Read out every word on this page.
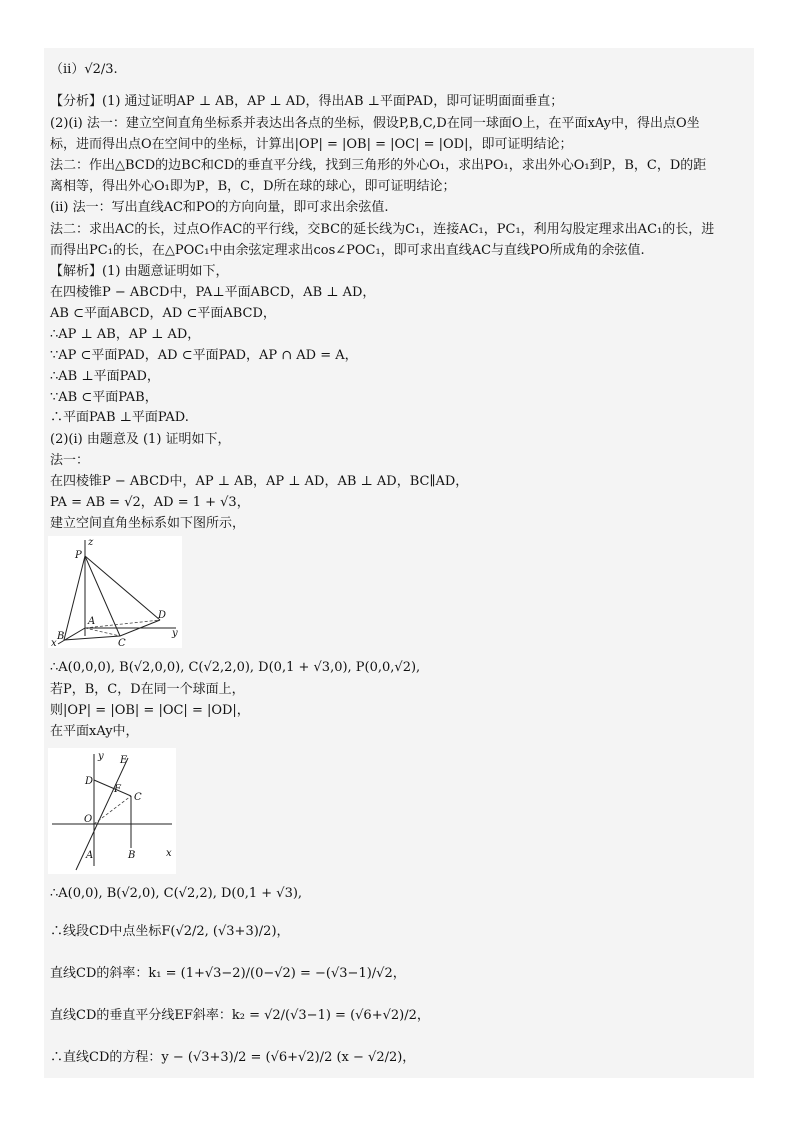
（ii）√2/3.
【分析】(1) 通过证明AP ⊥ AB，AP ⊥ AD，得出AB ⊥平面PAD，即可证明面面垂直；
(2)(i) 法一：建立空间直角坐标系并表达出各点的坐标，假设P,B,C,D在同一球面O上，在平面xAy中，得出点O坐
标，进而得出点O在空间中的坐标，计算出|OP| = |OB| = |OC| = |OD|，即可证明结论；
法二：作出△BCD的边BC和CD的垂直平分线，找到三角形的外心O₁，求出PO₁，求出外心O₁到P，B，C，D的距
离相等，得出外心O₁即为P，B，C，D所在球的球心，即可证明结论；
(ii) 法一：写出直线AC和PO的方向向量，即可求出余弦值.
法二：求出AC的长，过点O作AC的平行线，交BC的延长线为C₁，连接AC₁，PC₁，利用勾股定理求出AC₁的长，进
而得出PC₁的长，在△POC₁中由余弦定理求出cos∠POC₁，即可求出直线AC与直线PO所成角的余弦值.
【解析】(1) 由题意证明如下，
在四棱锥P − ABCD中，PA⊥平面ABCD，AB ⊥ AD，
AB ⊂平面ABCD，AD ⊂平面ABCD，
∴AP ⊥ AB，AP ⊥ AD，
∵AP ⊂平面PAD，AD ⊂平面PAD，AP ∩ AD = A，
∴AB ⊥平面PAD，
∵AB ⊂平面PAB，
∴平面PAB ⊥平面PAD.
(2)(i) 由题意及 (1) 证明如下，
法一：
在四棱锥P − ABCD中，AP ⊥ AB，AP ⊥ AD，AB ⊥ AD，BC∥AD，
PA = AB = √2，AD = 1 + √3，
建立空间直角坐标系如下图所示，
P
A
B
C
D
x
y
z
∴A(0,0,0), B(√2,0,0), C(√2,2,0), D(0,1 + √3,0), P(0,0,√2),
若P，B，C，D在同一个球面上，
则|OP| = |OB| = |OC| = |OD|，
在平面xAy中，
y
x
E
D
F
C
O
A	B
∴A(0,0), B(√2,0), C(√2,2), D(0,1 + √3),
∴线段CD中点坐标F(√2/2, (√3+3)/2)，
直线CD的斜率：k₁ = (1+√3−2)/(0−√2) = −(√3−1)/√2，
直线CD的垂直平分线EF斜率：k₂ = √2/(√3−1) = (√6+√2)/2，
∴直线CD的方程：y − (√3+3)/2 = (√6+√2)/2 (x − √2/2)，
